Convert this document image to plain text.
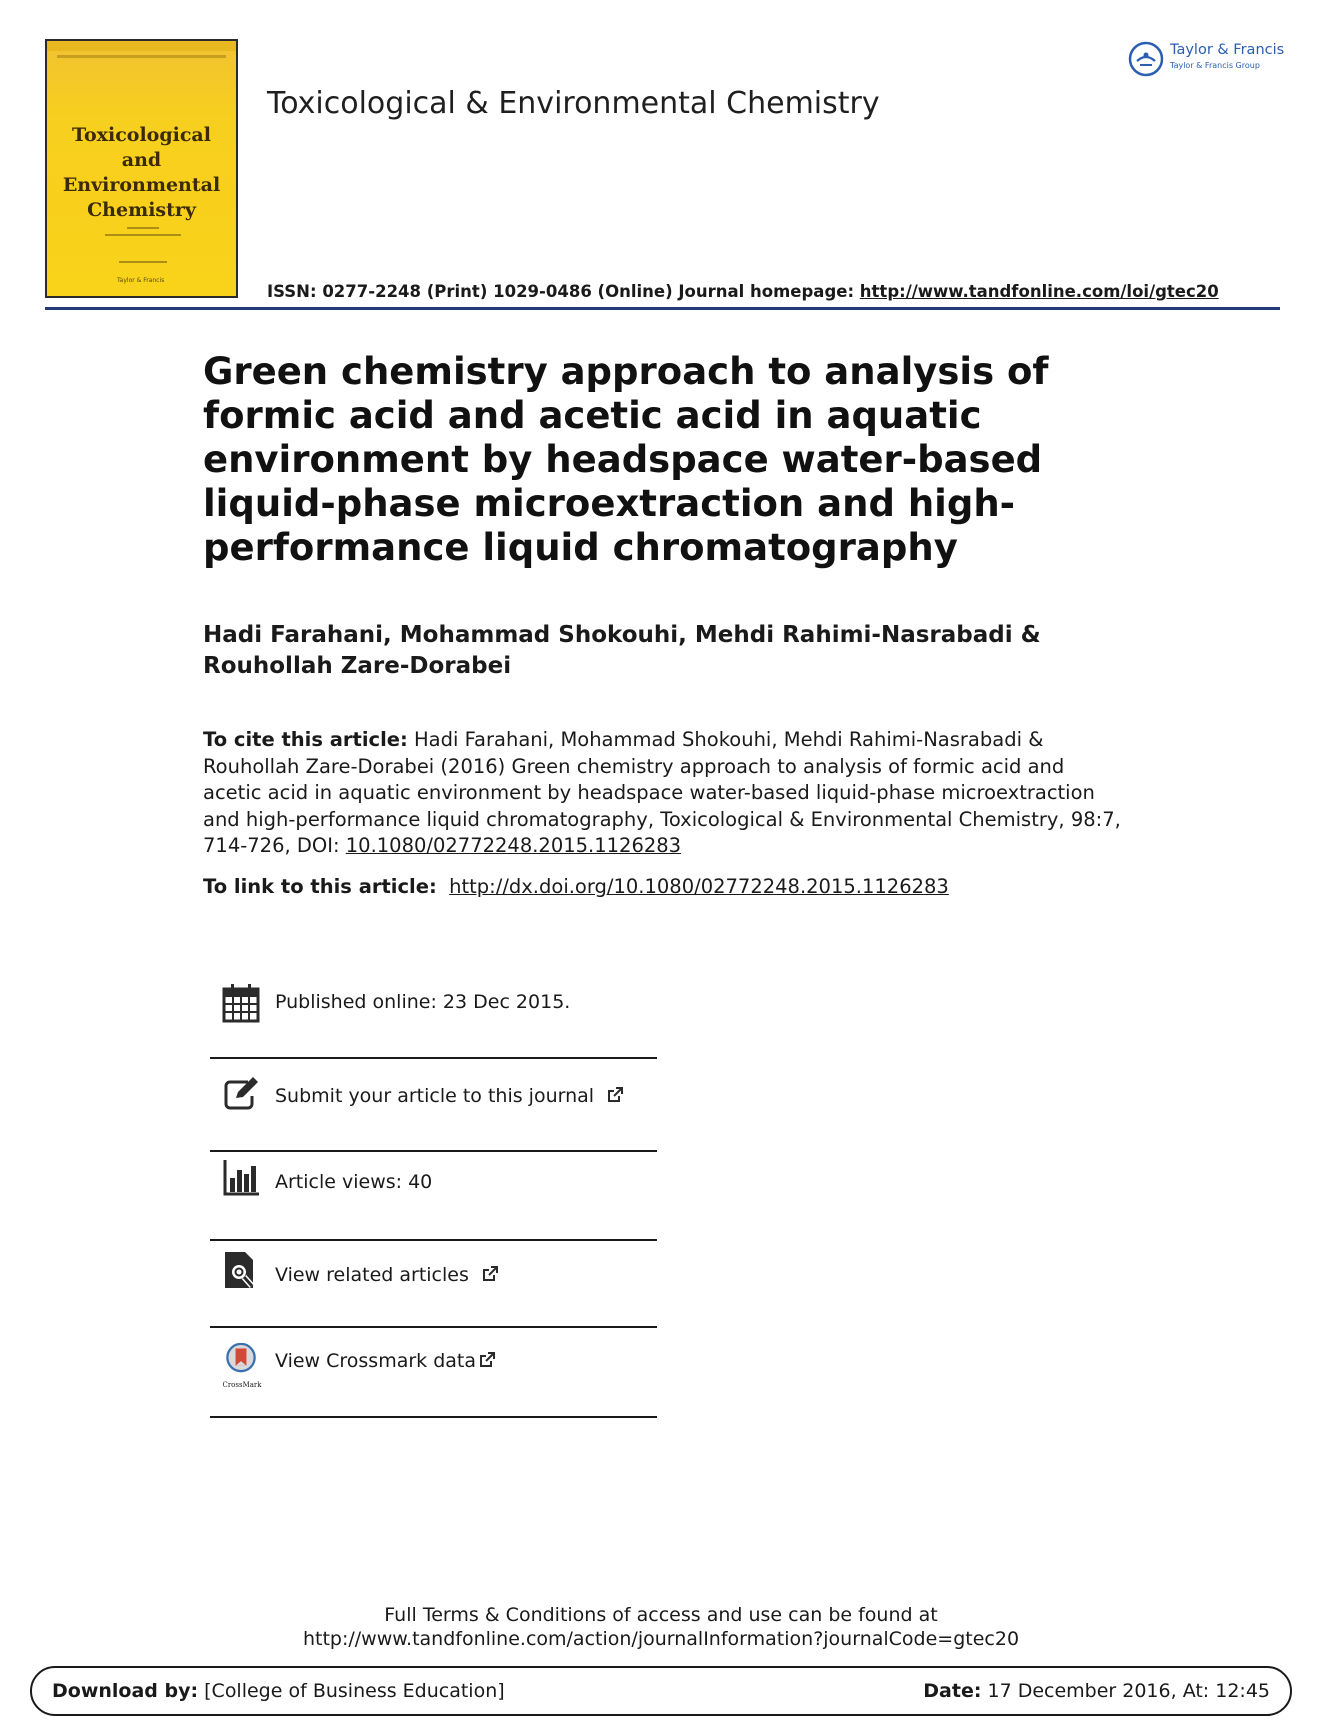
Toxicological and Environmental Chemistry
Taylor & Francis
Toxicological & Environmental Chemistry
Taylor & Francis
Taylor & Francis Group
ISSN: 0277-2248 (Print) 1029-0486 (Online) Journal homepage: http://www.tandfonline.com/loi/gtec20
Green chemistry approach to analysis of formic acid and acetic acid in aquatic environment by headspace water-based liquid-phase microextraction and high-performance liquid chromatography
Hadi Farahani, Mohammad Shokouhi, Mehdi Rahimi-Nasrabadi & Rouhollah Zare-Dorabei
To cite this article: Hadi Farahani, Mohammad Shokouhi, Mehdi Rahimi-Nasrabadi & Rouhollah Zare-Dorabei (2016) Green chemistry approach to analysis of formic acid and acetic acid in aquatic environment by headspace water-based liquid-phase microextraction and high-performance liquid chromatography, Toxicological & Environmental Chemistry, 98:7, 714-726, DOI: 10.1080/02772248.2015.1126283
To link to this article: http://dx.doi.org/10.1080/02772248.2015.1126283
Published online: 23 Dec 2015.
Submit your article to this journal
Article views: 40
View related articles
CrossMark
View Crossmark data
Full Terms & Conditions of access and use can be found at
http://www.tandfonline.com/action/journalInformation?journalCode=gtec20
Download by: [College of Business Education]	Date: 17 December 2016, At: 12:45
